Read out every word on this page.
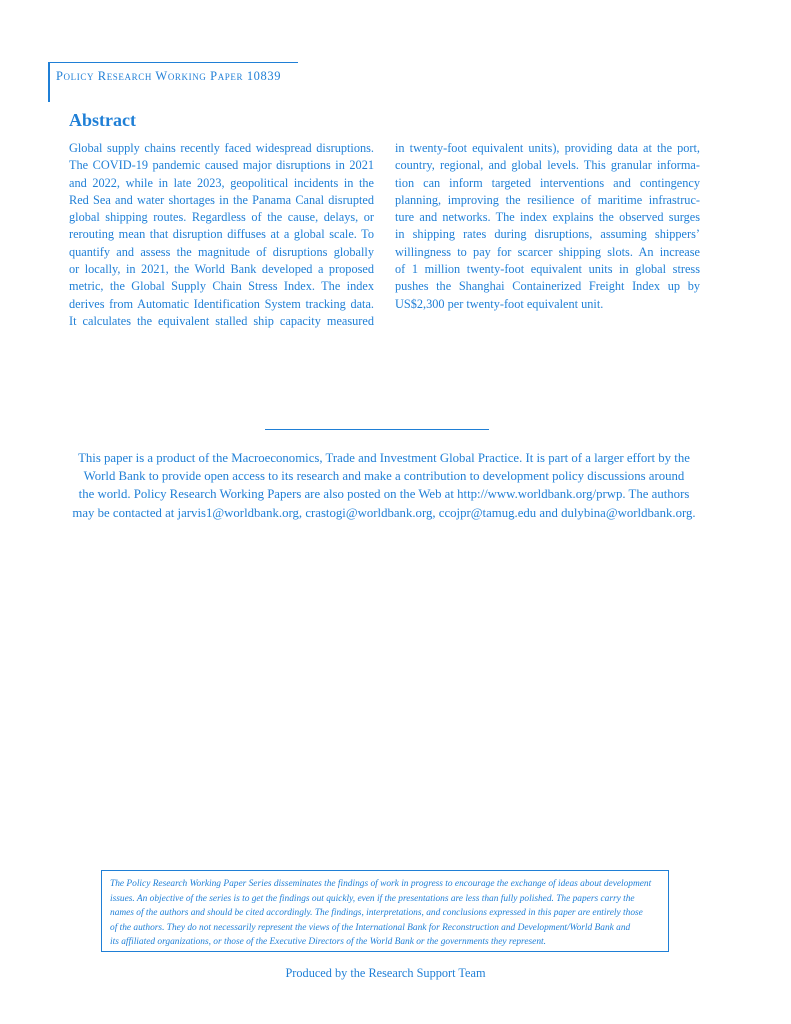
Policy Research Working Paper 10839
Abstract

Global supply chains recently faced widespread disruptions.
The COVID-19 pandemic caused major disruptions in 2021
and 2022, while in late 2023, geopolitical incidents in the
Red Sea and water shortages in the Panama Canal disrupted
global shipping routes. Regardless of the cause, delays, or
rerouting mean that disruption diffuses at a global scale. To
quantify and assess the magnitude of disruptions globally
or locally, in 2021, the World Bank developed a proposed
metric, the Global Supply Chain Stress Index. The index
derives from Automatic Identification System tracking data.
It calculates the equivalent stalled ship capacity measured

in twenty-foot equivalent units), providing data at the port,
country, regional, and global levels. This granular informa-
tion can inform targeted interventions and contingency
planning, improving the resilience of maritime infrastruc-
ture and networks. The index explains the observed surges
in shipping rates during disruptions, assuming shippers’
willingness to pay for scarcer shipping slots. An increase
of 1 million twenty-foot equivalent units in global stress
pushes the Shanghai Containerized Freight Index up by
US$2,300 per twenty-foot equivalent unit.

This paper is a product of the Macroeconomics, Trade and Investment Global Practice. It is part of a larger effort by the
World Bank to provide open access to its research and make a contribution to development policy discussions around
the world. Policy Research Working Papers are also posted on the Web at http://www.worldbank.org/prwp. The authors
may be contacted at jarvis1@worldbank.org, crastogi@worldbank.org, ccojpr@tamug.edu and dulybina@worldbank.org.

The Policy Research Working Paper Series disseminates the findings of work in progress to encourage the exchange of ideas about development
issues. An objective of the series is to get the findings out quickly, even if the presentations are less than fully polished. The papers carry the
names of the authors and should be cited accordingly. The findings, interpretations, and conclusions expressed in this paper are entirely those
of the authors. They do not necessarily represent the views of the International Bank for Reconstruction and Development/World Bank and
its affiliated organizations, or those of the Executive Directors of the World Bank or the governments they represent.

Produced by the Research Support Team
